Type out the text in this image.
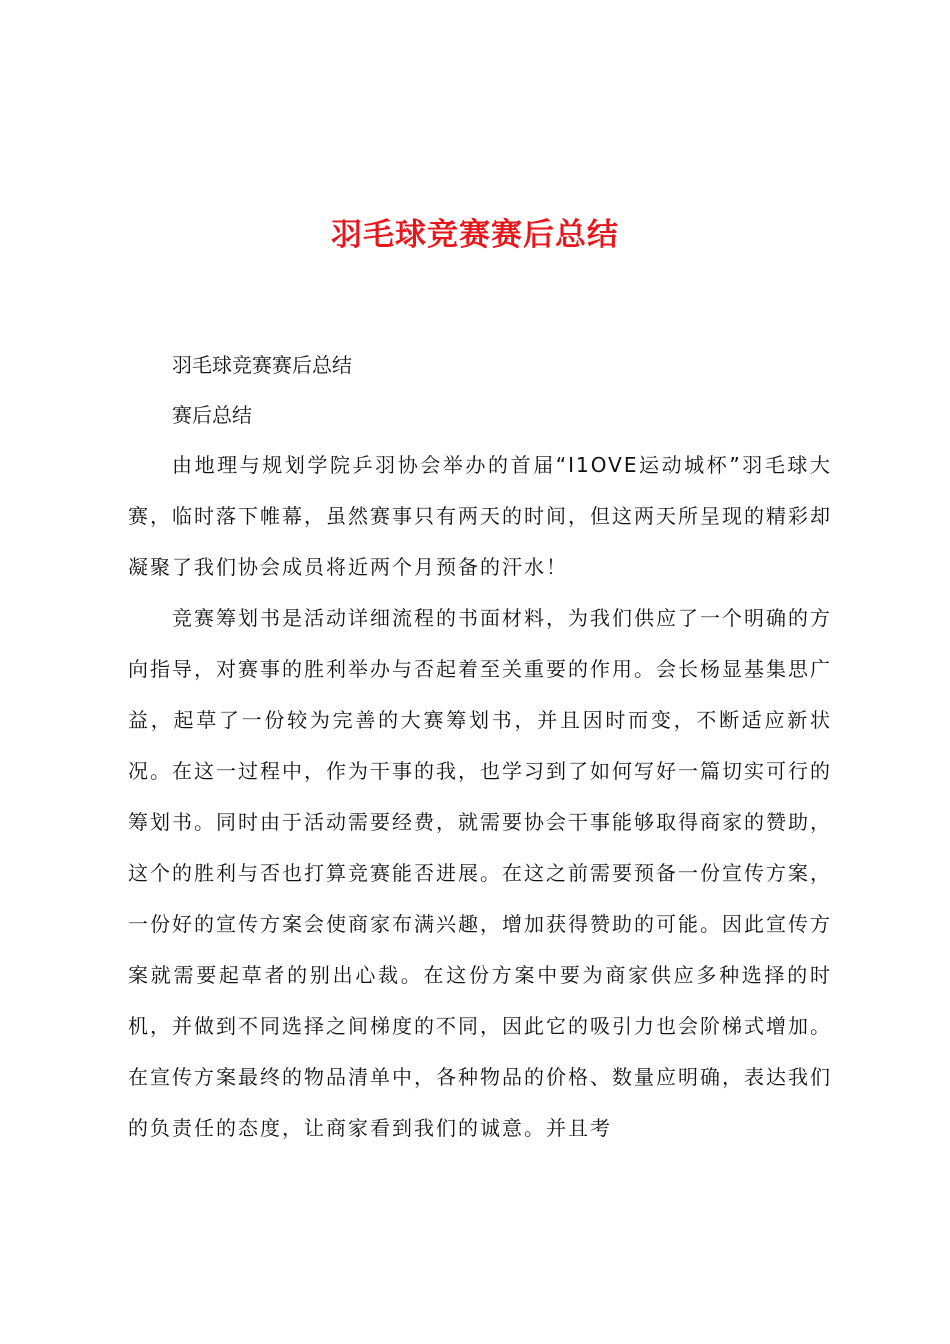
羽毛球竞赛赛后总结

羽毛球竞赛赛后总结

赛后总结

由地理与规划学院乒羽协会举办的首届“I1OVE运动城杯”羽毛球大赛，临时落下帷幕，虽然赛事只有两天的时间，但这两天所呈现的精彩却凝聚了我们协会成员将近两个月预备的汗水！

竞赛筹划书是活动详细流程的书面材料，为我们供应了一个明确的方向指导，对赛事的胜利举办与否起着至关重要的作用。会长杨显基集思广益，起草了一份较为完善的大赛筹划书，并且因时而变，不断适应新状况。在这一过程中，作为干事的我，也学习到了如何写好一篇切实可行的筹划书。同时由于活动需要经费，就需要协会干事能够取得商家的赞助，这个的胜利与否也打算竞赛能否进展。在这之前需要预备一份宣传方案，一份好的宣传方案会使商家布满兴趣，增加获得赞助的可能。因此宣传方案就需要起草者的别出心裁。在这份方案中要为商家供应多种选择的时机，并做到不同选择之间梯度的不同，因此它的吸引力也会阶梯式增加。在宣传方案最终的物品清单中，各种物品的价格、数量应明确，表达我们的负责任的态度，让商家看到我们的诚意。并且考
